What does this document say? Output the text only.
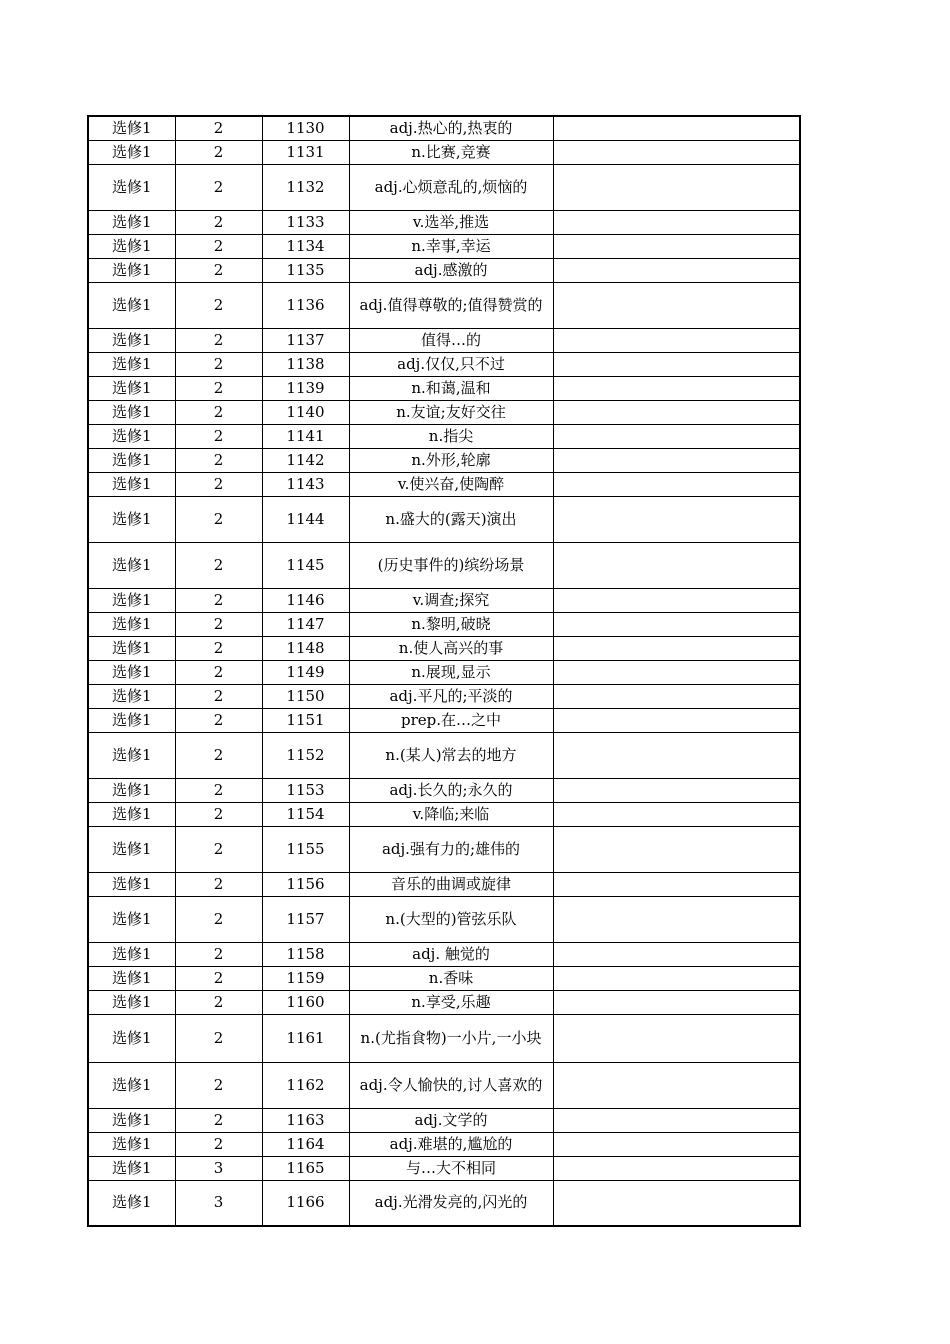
选修1	2	1130	adj.热心的,热衷的	
选修1	2	1131	n.比赛,竞赛	
选修1	2	1132	adj.心烦意乱的,烦恼的	
选修1	2	1133	v.选举,推选	
选修1	2	1134	n.幸事,幸运	
选修1	2	1135	adj.感激的	
选修1	2	1136	adj.值得尊敬的;值得赞赏的	
选修1	2	1137	值得…的	
选修1	2	1138	adj.仅仅,只不过	
选修1	2	1139	n.和蔼,温和	
选修1	2	1140	n.友谊;友好交往	
选修1	2	1141	n.指尖	
选修1	2	1142	n.外形,轮廓	
选修1	2	1143	v.使兴奋,使陶醉	
选修1	2	1144	n.盛大的(露天)演出	
选修1	2	1145	(历史事件的)缤纷场景	
选修1	2	1146	v.调查;探究	
选修1	2	1147	n.黎明,破晓	
选修1	2	1148	n.使人高兴的事	
选修1	2	1149	n.展现,显示	
选修1	2	1150	adj.平凡的;平淡的	
选修1	2	1151	prep.在…之中	
选修1	2	1152	n.(某人)常去的地方	
选修1	2	1153	adj.长久的;永久的	
选修1	2	1154	v.降临;来临	
选修1	2	1155	adj.强有力的;雄伟的	
选修1	2	1156	音乐的曲调或旋律	
选修1	2	1157	n.(大型的)管弦乐队	
选修1	2	1158	adj. 触觉的	
选修1	2	1159	n.香味	
选修1	2	1160	n.享受,乐趣	
选修1	2	1161	n.(尤指食物)一小片,一小块	
选修1	2	1162	adj.令人愉快的,讨人喜欢的	
选修1	2	1163	adj.文学的	
选修1	2	1164	adj.难堪的,尴尬的	
选修1	3	1165	与…大不相同	
选修1	3	1166	adj.光滑发亮的,闪光的	
